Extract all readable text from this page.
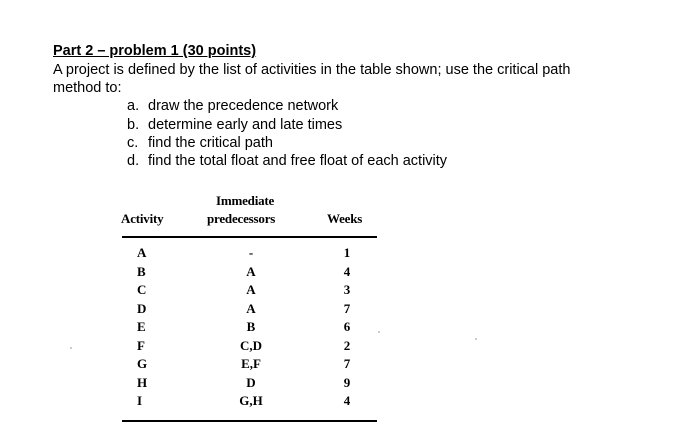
Part 2 – problem 1 (30 points)
A project is defined by the list of activities in the table shown; use the critical path
method to:
a. draw the precedence network
b. determine early and late times
c. find the critical path
d. find the total float and free float of each activity
Immediate
Activity	predecessors	Weeks
A	-	1
B	A	4
C	A	3
D	A	7
E	B	6
F	C,D	2
G	E,F	7
H	D	9
I	G,H	4
